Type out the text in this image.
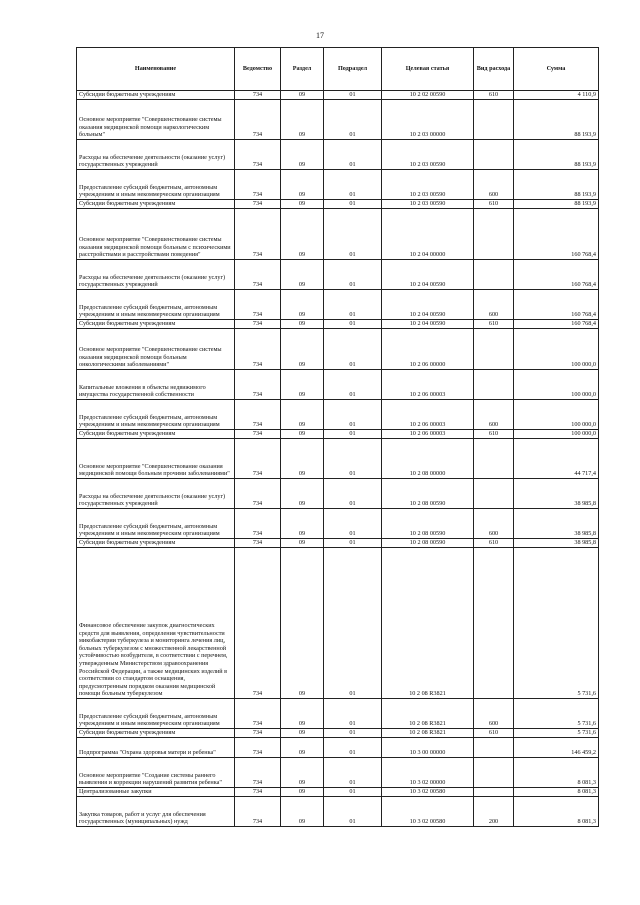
17
Наименование	Ведомство	Раздел	Подраздел	Целевая статья	Вид расхода	Сумма
Субсидии бюджетным учреждениям	734	09	01	10 2 02 00590	610	4 110,9
Основное мероприятие "Совершенствование системы оказания медицинской помощи наркологическим больным"	734	09	01	10 2 03 00000		88 193,9
Расходы на обеспечение деятельности (оказание услуг) государственных учреждений	734	09	01	10 2 03 00590		88 193,9
Предоставление субсидий бюджетным, автономным учреждениям и иным некоммерческим организациям	734	09	01	10 2 03 00590	600	88 193,9
Субсидии бюджетным учреждениям	734	09	01	10 2 03 00590	610	88 193,9
Основное мероприятие "Совершенствование системы оказания медицинской помощи больным с психическими расстройствами и расстройствами поведения"	734	09	01	10 2 04 00000		160 768,4
Расходы на обеспечение деятельности (оказание услуг) государственных учреждений	734	09	01	10 2 04 00590		160 768,4
Предоставление субсидий бюджетным, автономным учреждениям и иным некоммерческим организациям	734	09	01	10 2 04 00590	600	160 768,4
Субсидии бюджетным учреждениям	734	09	01	10 2 04 00590	610	160 768,4
Основное мероприятие "Совершенствование системы оказания медицинской помощи больным онкологическими заболеваниями"	734	09	01	10 2 06 00000		100 000,0
Капитальные вложения в объекты недвижимого имущества государственной собственности	734	09	01	10 2 06 00003		100 000,0
Предоставление субсидий бюджетным, автономным учреждениям и иным некоммерческим организациям	734	09	01	10 2 06 00003	600	100 000,0
Субсидии бюджетным учреждениям	734	09	01	10 2 06 00003	610	100 000,0
Основное мероприятие "Совершенствование оказания медицинской помощи больным прочими заболеваниями"	734	09	01	10 2 08 00000		44 717,4
Расходы на обеспечение деятельности (оказание услуг) государственных учреждений	734	09	01	10 2 08 00590		38 985,8
Предоставление субсидий бюджетным, автономным учреждениям и иным некоммерческим организациям	734	09	01	10 2 08 00590	600	38 985,8
Субсидии бюджетным учреждениям	734	09	01	10 2 08 00590	610	38 985,8
Финансовое обеспечение закупок диагностических средств для выявления, определения чувствительности микобактерии туберкулеза и мониторинга лечения лиц, больных туберкулезом с множественной лекарственной устойчивостью возбудителя, в соответствии с перечнем, утвержденным Министерством здравоохранения Российской Федерации, а также медицинских изделий в соответствии со стандартом оснащения, предусмотренным порядком оказания медицинской помощи больным туберкулезом	734	09	01	10 2 08 R3821		5 731,6
Предоставление субсидий бюджетным, автономным учреждениям и иным некоммерческим организациям	734	09	01	10 2 08 R3821	600	5 731,6
Субсидии бюджетным учреждениям	734	09	01	10 2 08 R3821	610	5 731,6
Подпрограмма "Охрана здоровья матери и ребенка"	734	09	01	10 3 00 00000		146 459,2
Основное мероприятие "Создание системы раннего выявления и коррекции нарушений развития ребенка"	734	09	01	10 3 02 00000		8 081,3
Централизованные закупки	734	09	01	10 3 02 00580		8 081,3
Закупка товаров, работ и услуг для обеспечения государственных (муниципальных) нужд	734	09	01	10 3 02 00580	200	8 081,3
